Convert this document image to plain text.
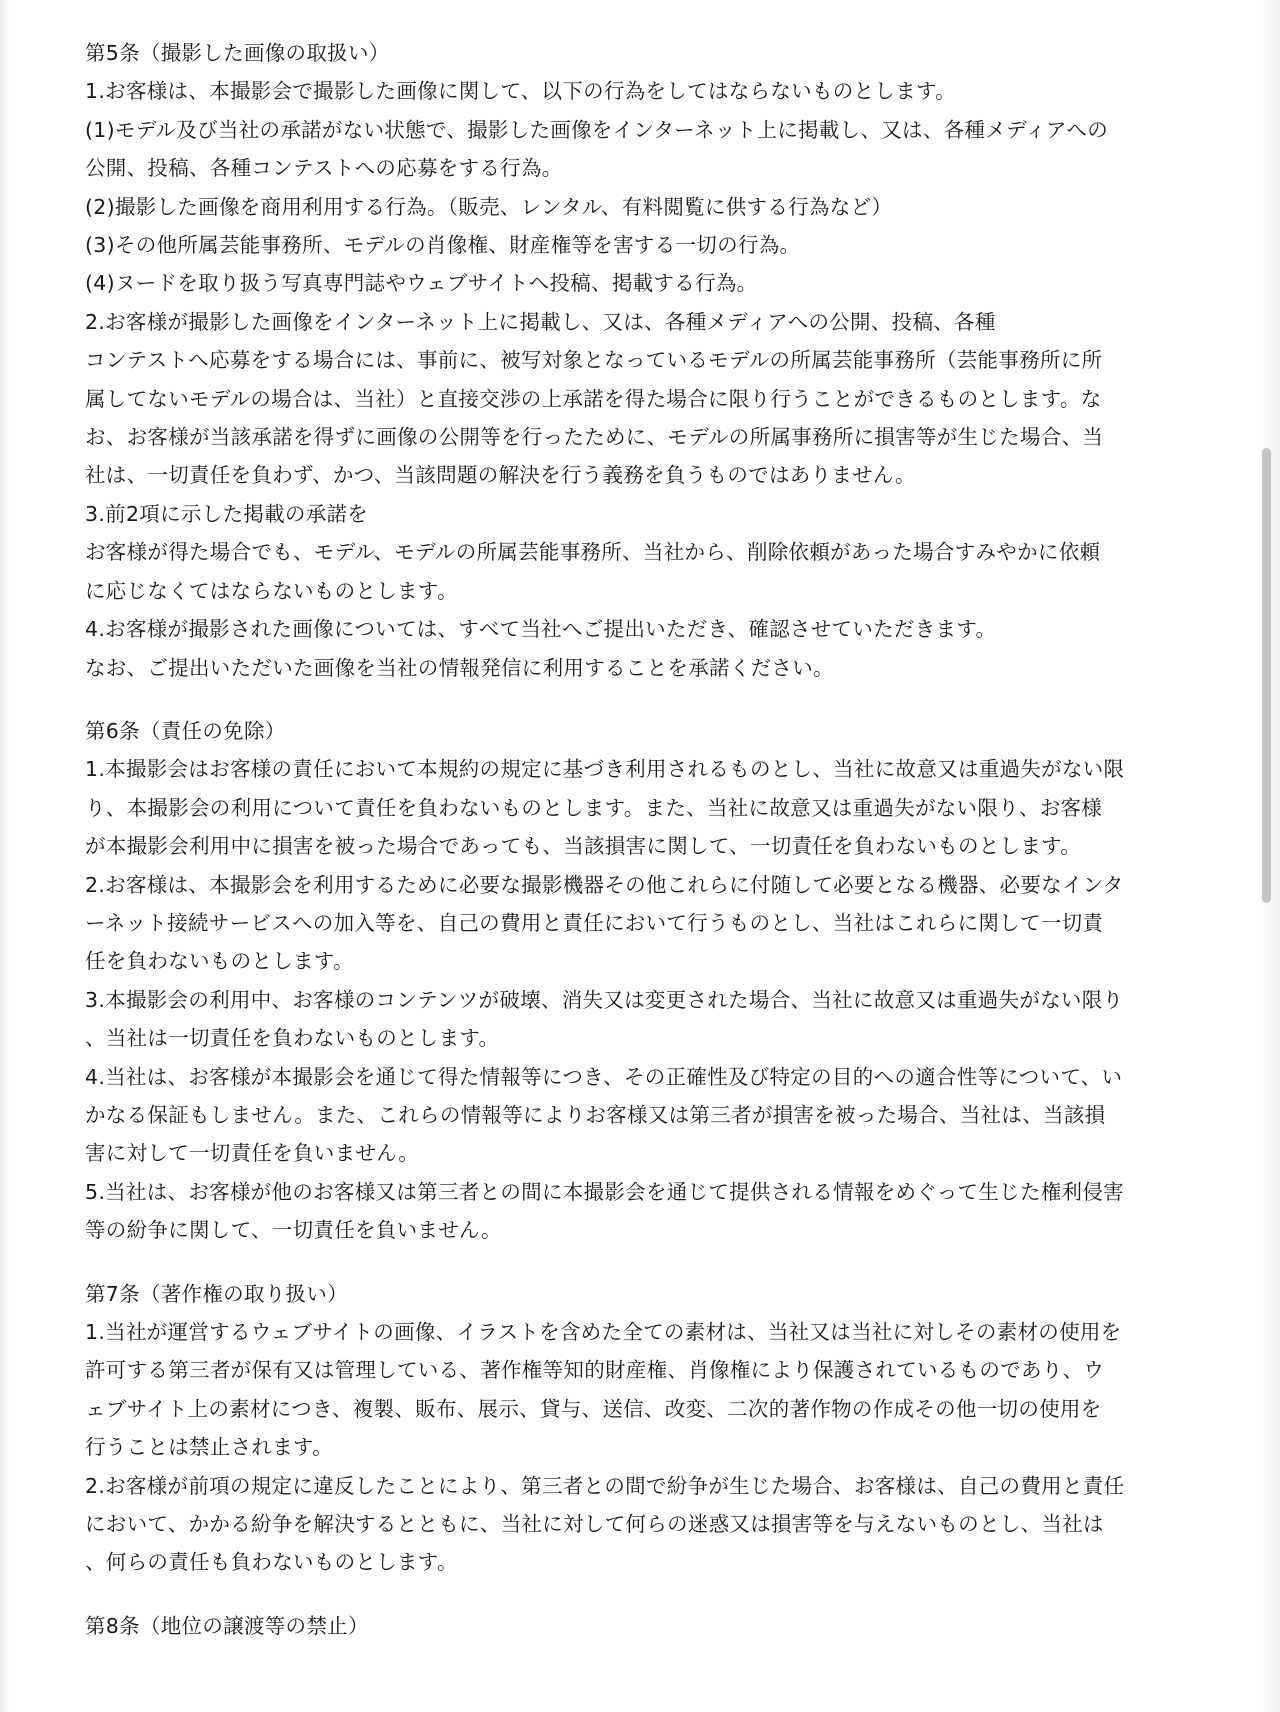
第5条（撮影した画像の取扱い）
1.お客様は、本撮影会で撮影した画像に関して、以下の行為をしてはならないものとします。
(1)モデル及び当社の承諾がない状態で、撮影した画像をインターネット上に掲載し、又は、各種メディアへの
公開、投稿、各種コンテストへの応募をする行為。
(2)撮影した画像を商用利用する行為。（販売、レンタル、有料閲覧に供する行為など）
(3)その他所属芸能事務所、モデルの肖像権、財産権等を害する一切の行為。
(4)ヌードを取り扱う写真専門誌やウェブサイトへ投稿、掲載する行為。
2.お客様が撮影した画像をインターネット上に掲載し、又は、各種メディアへの公開、投稿、各種
コンテストへ応募をする場合には、事前に、被写対象となっているモデルの所属芸能事務所（芸能事務所に所
属してないモデルの場合は、当社）と直接交渉の上承諾を得た場合に限り行うことができるものとします。な
お、お客様が当該承諾を得ずに画像の公開等を行ったために、モデルの所属事務所に損害等が生じた場合、当
社は、一切責任を負わず、かつ、当該問題の解決を行う義務を負うものではありません。
3.前2項に示した掲載の承諾を
お客様が得た場合でも、モデル、モデルの所属芸能事務所、当社から、削除依頼があった場合すみやかに依頼
に応じなくてはならないものとします。
4.お客様が撮影された画像については、すべて当社へご提出いただき、確認させていただきます。
なお、ご提出いただいた画像を当社の情報発信に利用することを承諾ください。
第6条（責任の免除）
1.本撮影会はお客様の責任において本規約の規定に基づき利用されるものとし、当社に故意又は重過失がない限
り、本撮影会の利用について責任を負わないものとします。また、当社に故意又は重過失がない限り、お客様
が本撮影会利用中に損害を被った場合であっても、当該損害に関して、一切責任を負わないものとします。
2.お客様は、本撮影会を利用するために必要な撮影機器その他これらに付随して必要となる機器、必要なインタ
ーネット接続サービスへの加入等を、自己の費用と責任において行うものとし、当社はこれらに関して一切責
任を負わないものとします。
3.本撮影会の利用中、お客様のコンテンツが破壊、消失又は変更された場合、当社に故意又は重過失がない限り
、当社は一切責任を負わないものとします。
4.当社は、お客様が本撮影会を通じて得た情報等につき、その正確性及び特定の目的への適合性等について、い
かなる保証もしません。また、これらの情報等によりお客様又は第三者が損害を被った場合、当社は、当該損
害に対して一切責任を負いません。
5.当社は、お客様が他のお客様又は第三者との間に本撮影会を通じて提供される情報をめぐって生じた権利侵害
等の紛争に関して、一切責任を負いません。
第7条（著作権の取り扱い）
1.当社が運営するウェブサイトの画像、イラストを含めた全ての素材は、当社又は当社に対しその素材の使用を
許可する第三者が保有又は管理している、著作権等知的財産権、肖像権により保護されているものであり、ウ
ェブサイト上の素材につき、複製、販布、展示、貸与、送信、改変、二次的著作物の作成その他一切の使用を
行うことは禁止されます。
2.お客様が前項の規定に違反したことにより、第三者との間で紛争が生じた場合、お客様は、自己の費用と責任
において、かかる紛争を解決するとともに、当社に対して何らの迷惑又は損害等を与えないものとし、当社は
、何らの責任も負わないものとします。
第8条（地位の譲渡等の禁止）
